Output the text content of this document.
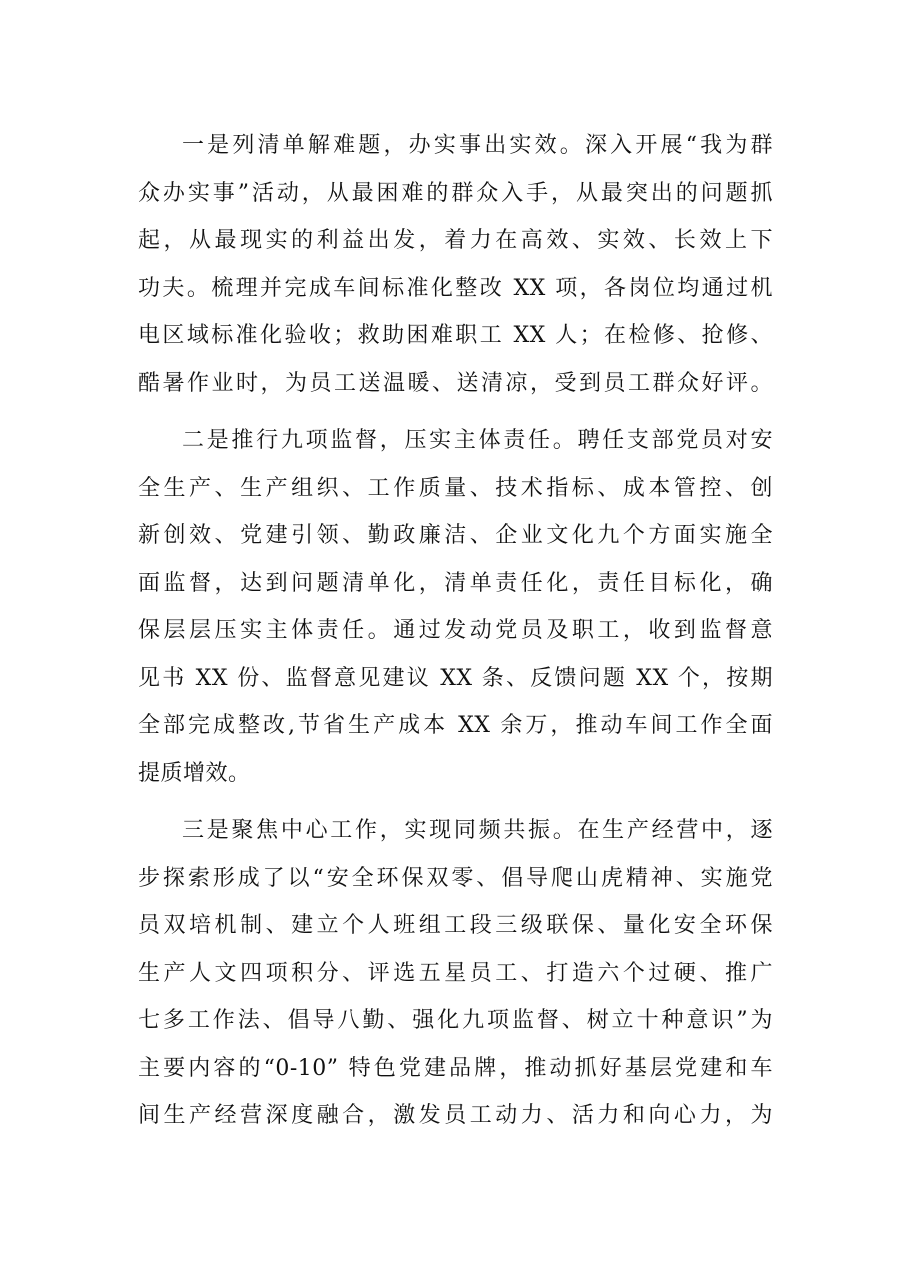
一是列清单解难题，办实事出实效。深入开展“我为群
众办实事”活动，从最困难的群众入手，从最突出的问题抓
起，从最现实的利益出发，着力在高效、实效、长效上下
功夫。梳理并完成车间标准化整改 XX 项，各岗位均通过机
电区域标准化验收；救助困难职工 XX 人；在检修、抢修、
酷暑作业时，为员工送温暖、送清凉，受到员工群众好评。
二是推行九项监督，压实主体责任。聘任支部党员对安
全生产、生产组织、工作质量、技术指标、成本管控、创
新创效、党建引领、勤政廉洁、企业文化九个方面实施全
面监督，达到问题清单化，清单责任化，责任目标化，确
保层层压实主体责任。通过发动党员及职工，收到监督意
见书 XX 份、监督意见建议 XX 条、反馈问题 XX 个，按期
全部完成整改,节省生产成本 XX 余万，推动车间工作全面
提质增效。
三是聚焦中心工作，实现同频共振。在生产经营中，逐
步探索形成了以“安全环保双零、倡导爬山虎精神、实施党
员双培机制、建立个人班组工段三级联保、量化安全环保
生产人文四项积分、评选五星员工、打造六个过硬、推广
七多工作法、倡导八勤、强化九项监督、树立十种意识”为
主要内容的“0-10” 特色党建品牌，推动抓好基层党建和车
间生产经营深度融合，激发员工动力、活力和向心力，为
